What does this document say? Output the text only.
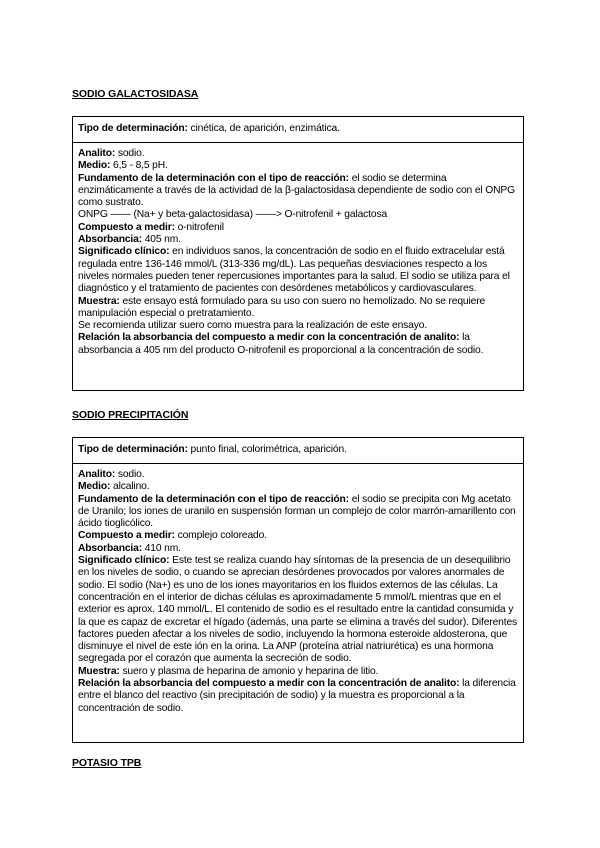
SODIO GALACTOSIDASA

Tipo de determinación: cinética, de aparición, enzimática.

Analito: sodio.

Medio: 6,5 - 8,5 pH.

Fundamento de la determinación con el tipo de reacción: el sodio se determina enzimáticamente a través de la actividad de la β-galactosidasa dependiente de sodio con el ONPG como sustrato.

ONPG —— (Na+ y beta-galactosidasa) ——> O-nitrofenil + galactosa

Compuesto a medir: o-nitrofenil

Absorbancia: 405 nm.

Significado clínico: en individuos sanos, la concentración de sodio en el fluido extracelular está regulada entre 136-146 mmol/L (313-336 mg/dL). Las pequeñas desviaciones respecto a los niveles normales pueden tener repercusiones importantes para la salud. El sodio se utiliza para el diagnóstico y el tratamiento de pacientes con desórdenes metabólicos y cardiovasculares.

Muestra: este ensayo está formulado para su uso con suero no hemolizado. No se requiere manipulación especial o pretratamiento.

Se recomienda utilizar suero como muestra para la realización de este ensayo.

Relación la absorbancia del compuesto a medir con la concentración de analito: la absorbancia a 405 nm del producto O-nitrofenil es proporcional a la concentración de sodio.

SODIO PRECIPITACIÓN

Tipo de determinación: punto final, colorimétrica, aparición.

Analito: sodio.

Medio: alcalino.

Fundamento de la determinación con el tipo de reacción: el sodio se precipita con Mg acetato de Uranilo; los iones de uranilo en suspensión forman un complejo de color marrón-amarillento con ácido tioglicólico.

Compuesto a medir: complejo coloreado.

Absorbancia: 410 nm.

Significado clínico: Este test se realiza cuando hay síntomas de la presencia de un desequilibrio en los niveles de sodio, o cuando se aprecian desórdenes provocados por valores anormales de sodio. El sodio (Na+) es uno de los iones mayoritarios en los fluidos externos de las células. La concentración en el interior de dichas células es aproximadamente 5 mmol/L mientras que en el exterior es aprox. 140 mmol/L. El contenido de sodio es el resultado entre la cantidad consumida y la que es capaz de excretar el hígado (además, una parte se elimina a través del sudor). Diferentes factores pueden afectar a los niveles de sodio, incluyendo la hormona esteroide aldosterona, que disminuye el nivel de este ión en la orina. La ANP (proteína atrial natriurética) es una hormona segregada por el corazón que aumenta la secreción de sodio.

Muestra: suero y plasma de heparina de amonio y heparina de litio.

Relación la absorbancia del compuesto a medir con la concentración de analito: la diferencia entre el blanco del reactivo (sin precipitación de sodio) y la muestra es proporcional a la concentración de sodio.

POTASIO TPB
